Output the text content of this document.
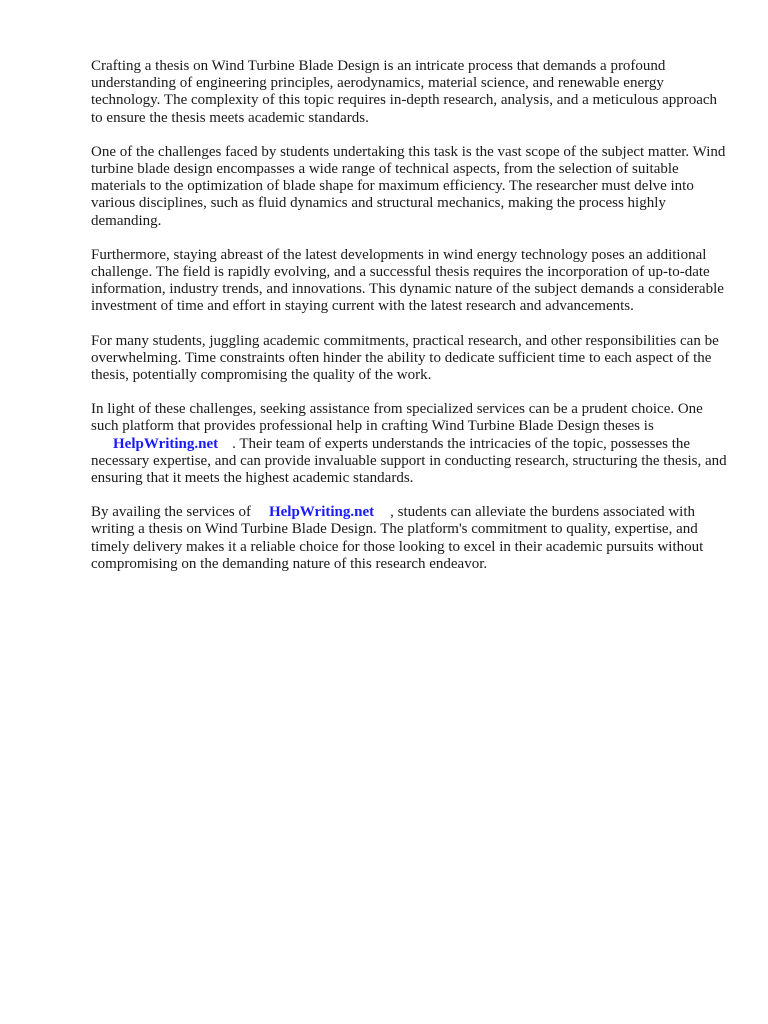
Crafting a thesis on Wind Turbine Blade Design is an intricate process that demands a profound understanding of engineering principles, aerodynamics, material science, and renewable energy technology. The complexity of this topic requires in-depth research, analysis, and a meticulous approach to ensure the thesis meets academic standards.

One of the challenges faced by students undertaking this task is the vast scope of the subject matter. Wind turbine blade design encompasses a wide range of technical aspects, from the selection of suitable materials to the optimization of blade shape for maximum efficiency. The researcher must delve into various disciplines, such as fluid dynamics and structural mechanics, making the process highly demanding.

Furthermore, staying abreast of the latest developments in wind energy technology poses an additional challenge. The field is rapidly evolving, and a successful thesis requires the incorporation of up-to-date information, industry trends, and innovations. This dynamic nature of the subject demands a considerable investment of time and effort in staying current with the latest research and advancements.

For many students, juggling academic commitments, practical research, and other responsibilities can be overwhelming. Time constraints often hinder the ability to dedicate sufficient time to each aspect of the thesis, potentially compromising the quality of the work.

In light of these challenges, seeking assistance from specialized services can be a prudent choice. One such platform that provides professional help in crafting Wind Turbine Blade Design theses is
HelpWriting.net . Their team of experts understands the intricacies of the topic, possesses the necessary expertise, and can provide invaluable support in conducting research, structuring the thesis, and ensuring that it meets the highest academic standards.

By availing the services of HelpWriting.net , students can alleviate the burdens associated with writing a thesis on Wind Turbine Blade Design. The platform's commitment to quality, expertise, and timely delivery makes it a reliable choice for those looking to excel in their academic pursuits without compromising on the demanding nature of this research endeavor.
